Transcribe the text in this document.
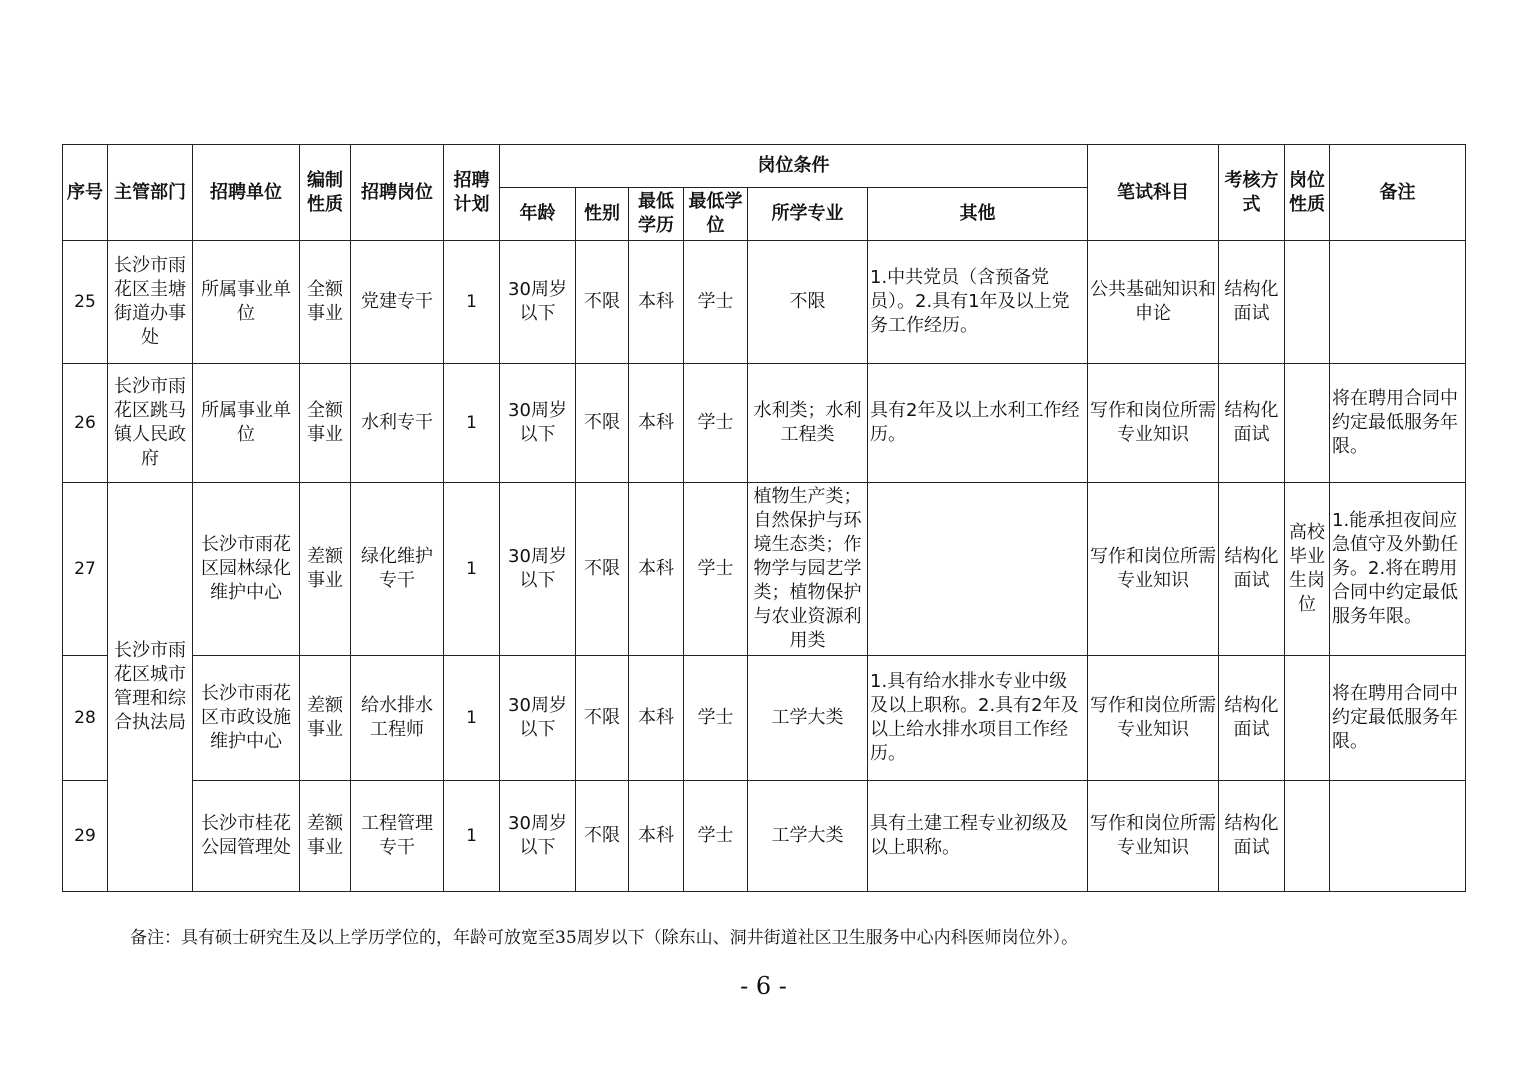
序号	主管部门	招聘单位	编制性质	招聘岗位	招聘计划	岗位条件						笔试科目	考核方式	岗位性质	备注
						年龄	性别	最低学历	最低学位	所学专业	其他				
25	长沙市雨花区圭塘街道办事处	所属事业单位	全额事业	党建专干	1	30周岁以下	不限	本科	学士	不限	1.中共党员（含预备党员）。2.具有1年及以上党务工作经历。	公共基础知识和申论	结构化面试		
26	长沙市雨花区跳马镇人民政府	所属事业单位	全额事业	水利专干	1	30周岁以下	不限	本科	学士	水利类；水利工程类	具有2年及以上水利工作经历。	写作和岗位所需专业知识	结构化面试		将在聘用合同中约定最低服务年限。
27	长沙市雨花区城市管理和综合执法局	长沙市雨花区园林绿化维护中心	差额事业	绿化维护专干	1	30周岁以下	不限	本科	学士	植物生产类；自然保护与环境生态类；作物学与园艺学类；植物保护与农业资源利用类		写作和岗位所需专业知识	结构化面试	高校毕业生岗位	1.能承担夜间应急值守及外勤任务。2.将在聘用合同中约定最低服务年限。
28		长沙市雨花区市政设施维护中心	差额事业	给水排水工程师	1	30周岁以下	不限	本科	学士	工学大类	1.具有给水排水专业中级及以上职称。2.具有2年及以上给水排水项目工作经历。	写作和岗位所需专业知识	结构化面试		将在聘用合同中约定最低服务年限。
29		长沙市桂花公园管理处	差额事业	工程管理专干	1	30周岁以下	不限	本科	学士	工学大类	具有土建工程专业初级及以上职称。	写作和岗位所需专业知识	结构化面试		
备注：具有硕士研究生及以上学历学位的，年龄可放宽至35周岁以下（除东山、洞井街道社区卫生服务中心内科医师岗位外）。
- 6 -
